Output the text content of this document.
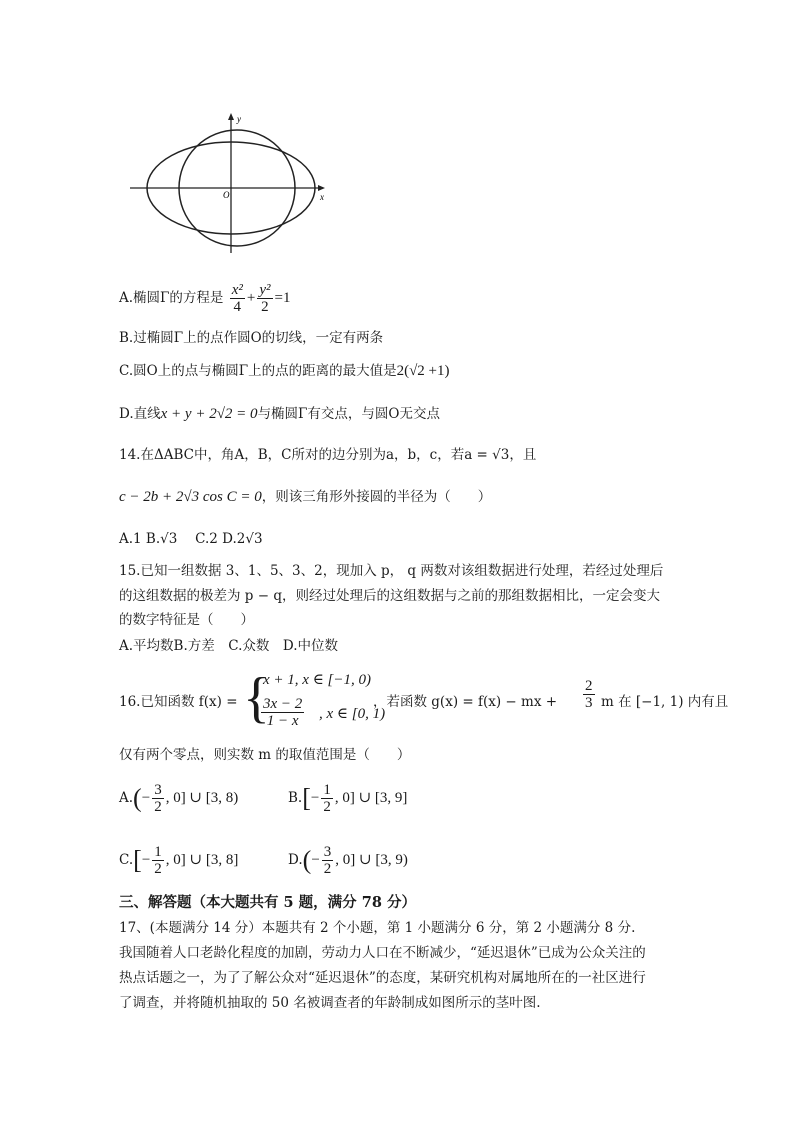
y
x
O
A.椭圆Γ的方程是 $\frac{\text{x²}}{4} + \frac{\text{y²}}{2} =1$
B.过椭圆Γ上的点作圆O的切线，一定有两条
C.圆O上的点与椭圆Γ上的点的距离的最大值是2(√2 +1)
D.直线x + y + 2√2 = 0与椭圆Γ有交点，与圆O无交点
14.在ΔABC中，角A，B，C所对的边分别为a，b，c，若a = √3，且
c − 2b + 2√3 cos C = 0，则该三角形外接圆的半径为（　　）
A.1 B.√3　 C.2 D.2√3
15.已知一组数据 3、1、5、3、2，现加入 p， q 两数对该组数据进行处理，若经过处理后
的这组数据的极差为 p − q，则经过处理后的这组数据与之前的那组数据相比，一定会变大
的数字特征是（　　）
A.平均数B.方差　C.众数　D.中位数
16.已知函数 f(x) = {
x + 1, x ∈ [−1, 0)
$\frac{3x - 2}{1 - x}$ , x ∈ [0, 1)
，若函数 g(x) = f(x) − mx + $\frac{2}{3}$ m 在 [−1, 1) 内有且
仅有两个零点，则实数 m 的取值范围是（　　）
$A.(- \frac{3}{2}$ , 0] ∪ [3, 8)	$B.[- \frac{1}{2}$ , 0] ∪ [3, 9]
$C.[- \frac{1}{2}$ , 0] ∪ [3, 8]	$D.(- \frac{3}{2}$ , 0] ∪ [3, 9)
三、解答题（本大题共有 5 题，满分 78 分）
17、(本题满分 14 分）本题共有 2 个小题，第 1 小题满分 6 分，第 2 小题满分 8 分.
我国随着人口老龄化程度的加剧，劳动力人口在不断减少，“延迟退休”已成为公众关注的
热点话题之一，为了了解公众对“延迟退休”的态度，某研究机构对属地所在的一社区进行
了调查，并将随机抽取的 50 名被调查者的年龄制成如图所示的茎叶图.
